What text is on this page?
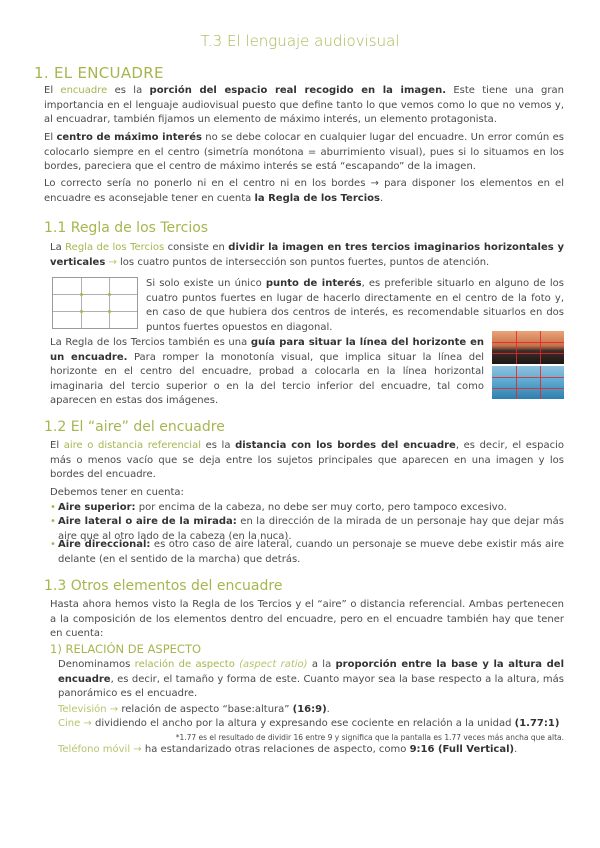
T.3 El lenguaje audiovisual
1. EL ENCUADRE
El encuadre es la porción del espacio real recogido en la imagen. Este tiene una gran importancia en el lenguaje audiovisual puesto que define tanto lo que vemos como lo que no vemos y, al encuadrar, también fijamos un elemento de máximo interés, un elemento protagonista.
El centro de máximo interés no se debe colocar en cualquier lugar del encuadre. Un error común es colocarlo siempre en el centro (simetría monótona = aburrimiento visual), pues si lo situamos en los bordes, pareciera que el centro de máximo interés se está “escapando” de la imagen.
Lo correcto sería no ponerlo ni en el centro ni en los bordes → para disponer los elementos en el encuadre es aconsejable tener en cuenta la Regla de los Tercios.
1.1 Regla de los Tercios
La Regla de los Tercios consiste en dividir la imagen en tres tercios imaginarios horizontales y verticales → los cuatro puntos de intersección son puntos fuertes, puntos de atención.
Si solo existe un único punto de interés, es preferible situarlo en alguno de los cuatro puntos fuertes en lugar de hacerlo directamente en el centro de la foto y, en caso de que hubiera dos centros de interés, es recomendable situarlos en dos puntos fuertes opuestos en diagonal.
La Regla de los Tercios también es una guía para situar la línea del horizonte en un encuadre. Para romper la monotonía visual, que implica situar la línea del horizonte en el centro del encuadre, probad a colocarla en la línea horizontal imaginaria del tercio superior o en la del tercio inferior del encuadre, tal como aparecen en estas dos imágenes.
1.2 El “aire” del encuadre
El aire o distancia referencial es la distancia con los bordes del encuadre, es decir, el espacio más o menos vacío que se deja entre los sujetos principales que aparecen en una imagen y los bordes del encuadre.
Debemos tener en cuenta:
• Aire superior: por encima de la cabeza, no debe ser muy corto, pero tampoco excesivo.
• Aire lateral o aire de la mirada: en la dirección de la mirada de un personaje hay que dejar más aire que al otro lado de la cabeza (en la nuca).
• Aire direccional: es otro caso de aire lateral, cuando un personaje se mueve debe existir más aire delante (en el sentido de la marcha) que detrás.
1.3 Otros elementos del encuadre
Hasta ahora hemos visto la Regla de los Tercios y el “aire” o distancia referencial. Ambas pertenecen a la composición de los elementos dentro del encuadre, pero en el encuadre también hay que tener en cuenta:
1) RELACIÓN DE ASPECTO
Denominamos relación de aspecto (aspect ratio) a la proporción entre la base y la altura del encuadre, es decir, el tamaño y forma de este. Cuanto mayor sea la base respecto a la altura, más panorámico es el encuadre.
Televisión → relación de aspecto “base:altura” (16:9).
Cine → dividiendo el ancho por la altura y expresando ese cociente en relación a la unidad (1.77:1)
*1.77 es el resultado de dividir 16 entre 9 y significa que la pantalla es 1.77 veces más ancha que alta.
Teléfono móvil → ha estandarizado otras relaciones de aspecto, como 9:16 (Full Vertical).
